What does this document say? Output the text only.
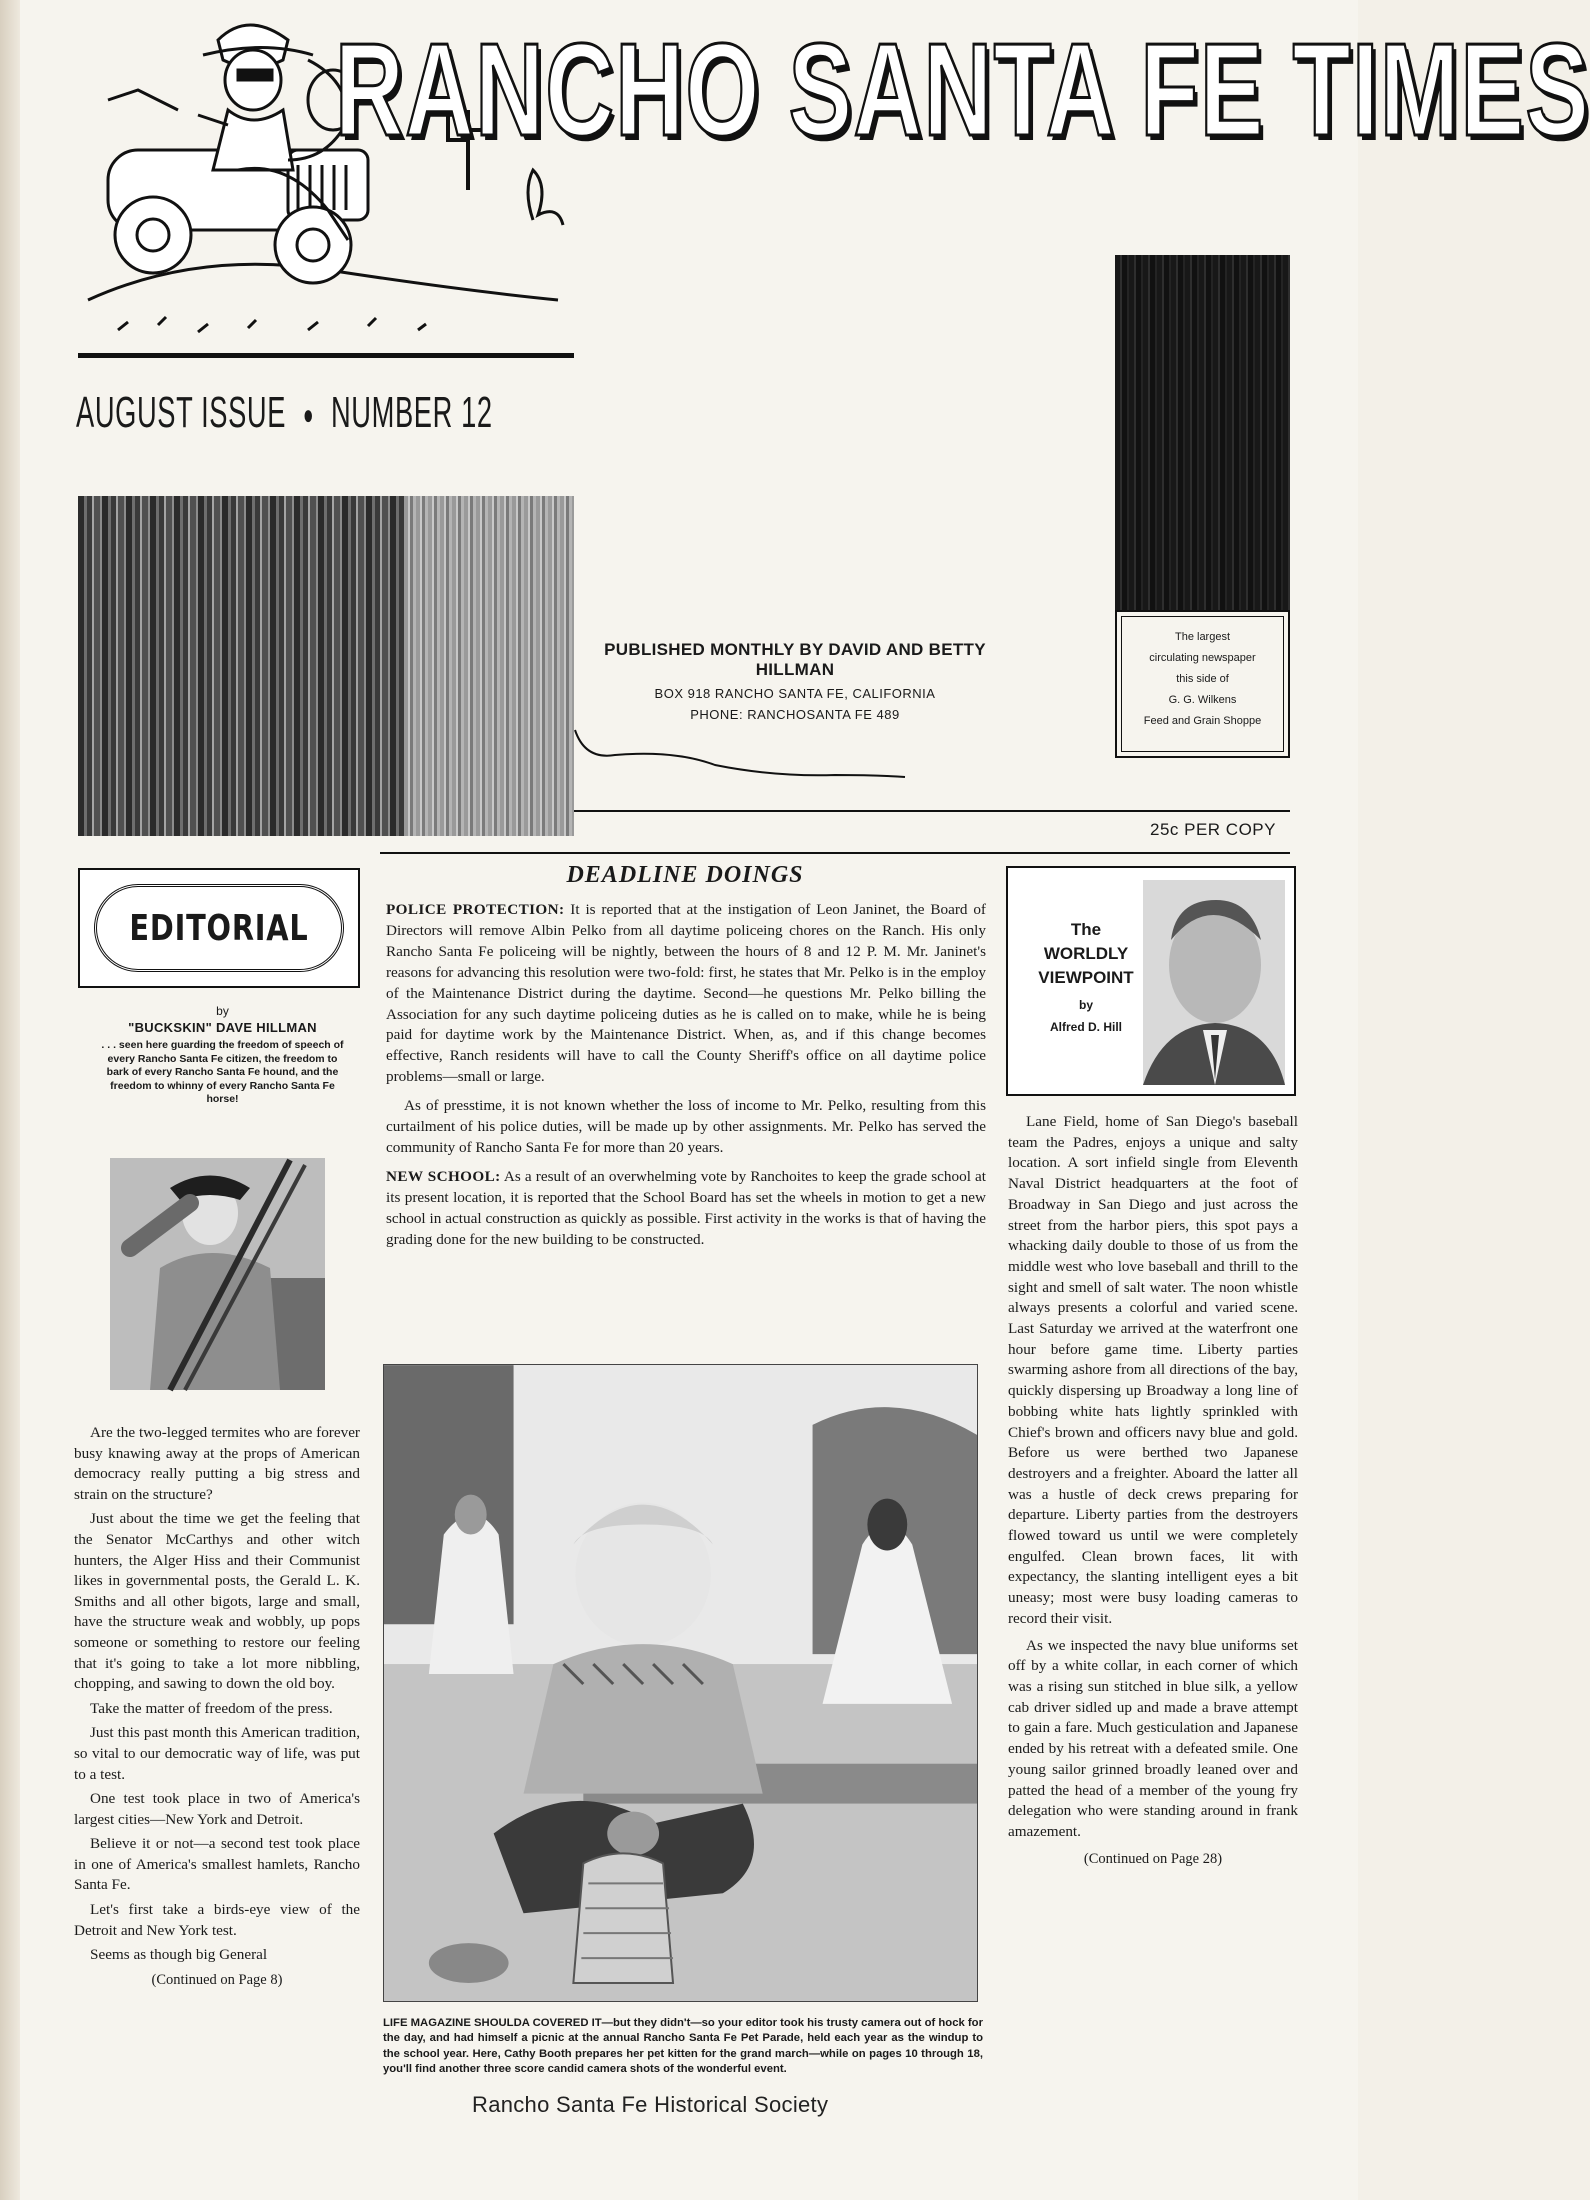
RANCHO SANTA FE TIMES
AUGUST ISSUE ● NUMBER 12
PUBLISHED MONTHLY BY DAVID AND BETTY HILLMAN
BOX 918 RANCHO SANTA FE, CALIFORNIA
PHONE: RANCHOSANTA FE 489
The largest
circulating newspaper
this side of
G. G. Wilkens
Feed and Grain Shoppe
25c PER COPY
EDITORIAL
by
"BUCKSKIN" DAVE HILLMAN
. . . seen here guarding the freedom of speech of every Rancho Santa Fe citizen, the freedom to bark of every Rancho Santa Fe hound, and the freedom to whinny of every Rancho Santa Fe horse!

Are the two-legged termites who are forever busy knawing away at the props of American democracy really putting a big stress and strain on the structure?

Just about the time we get the feeling that the Senator McCarthys and other witch hunters, the Alger Hiss and their Communist likes in governmental posts, the Gerald L. K. Smiths and all other bigots, large and small, have the structure weak and wobbly, up pops someone or something to restore our feeling that it's going to take a lot more nibbling, chopping, and sawing to down the old boy.

Take the matter of freedom of the press.

Just this past month this American tradition, so vital to our democratic way of life, was put to a test.

One test took place in two of America's largest cities—New York and Detroit.

Believe it or not—a second test took place in one of America's smallest hamlets, Rancho Santa Fe.

Let's first take a birds-eye view of the Detroit and New York test.

Seems as though big General

(Continued on Page 8)
DEADLINE DOINGS

POLICE PROTECTION: It is reported that at the instigation of Leon Janinet, the Board of Directors will remove Albin Pelko from all daytime policeing chores on the Ranch. His only Rancho Santa Fe policeing will be nightly, between the hours of 8 and 12 P. M. Mr. Janinet's reasons for advancing this resolution were two-fold: first, he states that Mr. Pelko is in the employ of the Maintenance District during the daytime. Second—he questions Mr. Pelko billing the Association for any such daytime policeing duties as he is called on to make, while he is being paid for daytime work by the Maintenance District. When, as, and if this change becomes effective, Ranch residents will have to call the County Sheriff's office on all daytime police problems—small or large.

As of presstime, it is not known whether the loss of income to Mr. Pelko, resulting from this curtailment of his police duties, will be made up by other assignments. Mr. Pelko has served the community of Rancho Santa Fe for more than 20 years.

NEW SCHOOL: As a result of an overwhelming vote by Ranchoites to keep the grade school at its present location, it is reported that the School Board has set the wheels in motion to get a new school in actual construction as quickly as possible. First activity in the works is that of having the grading done for the new building to be constructed.

LIFE MAGAZINE SHOULDA COVERED IT—but they didn't—so your editor took his trusty camera out of hock for the day, and had himself a picnic at the annual Rancho Santa Fe Pet Parade, held each year as the windup to the school year. Here, Cathy Booth prepares her pet kitten for the grand march—while on pages 10 through 18, you'll find another three score candid camera shots of the wonderful event.
Rancho Santa Fe Historical Society
The
WORLDLY
VIEWPOINT
by
Alfred D. Hill

Lane Field, home of San Diego's baseball team the Padres, enjoys a unique and salty location. A sort infield single from Eleventh Naval District headquarters at the foot of Broadway in San Diego and just across the street from the harbor piers, this spot pays a whacking daily double to those of us from the middle west who love baseball and thrill to the sight and smell of salt water. The noon whistle always presents a colorful and varied scene. Last Saturday we arrived at the waterfront one hour before game time. Liberty parties swarming ashore from all directions of the bay, quickly dispersing up Broadway a long line of bobbing white hats lightly sprinkled with Chief's brown and officers navy blue and gold. Before us were berthed two Japanese destroyers and a freighter. Aboard the latter all was a hustle of deck crews preparing for departure. Liberty parties from the destroyers flowed toward us until we were completely engulfed. Clean brown faces, lit with expectancy, the slanting intelligent eyes a bit uneasy; most were busy loading cameras to record their visit.

As we inspected the navy blue uniforms set off by a white collar, in each corner of which was a rising sun stitched in blue silk, a yellow cab driver sidled up and made a brave attempt to gain a fare. Much gesticulation and Japanese ended by his retreat with a defeated smile. One young sailor grinned broadly leaned over and patted the head of a member of the young fry delegation who were standing around in frank amazement.

(Continued on Page 28)
